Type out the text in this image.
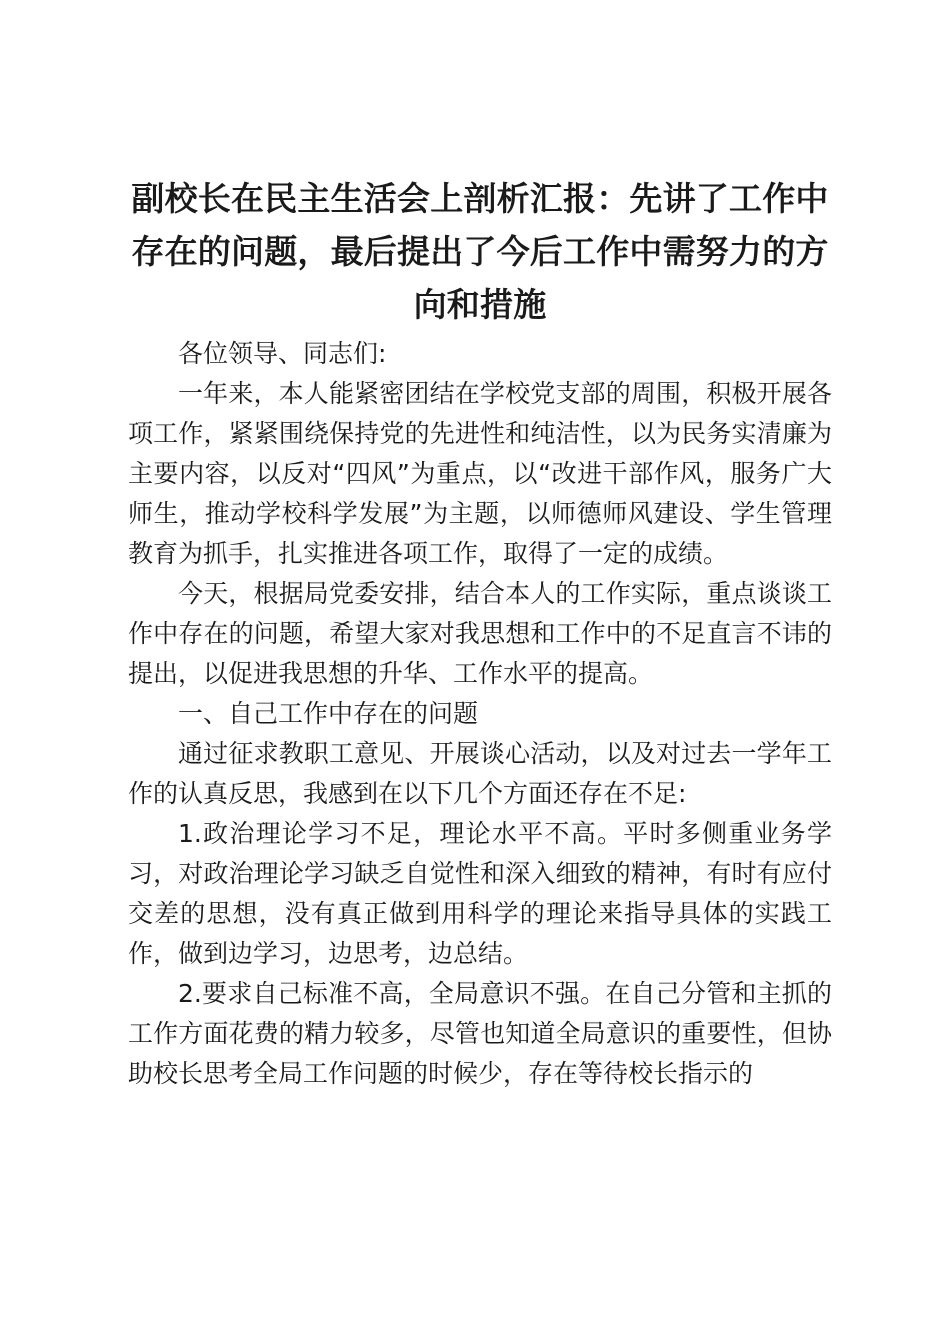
副校长在民主生活会上剖析汇报：先讲了工作中存在的问题，最后提出了今后工作中需努力的方向和措施

各位领导、同志们:

一年来，本人能紧密团结在学校党支部的周围，积极开展各项工作，紧紧围绕保持党的先进性和纯洁性，以为民务实清廉为主要内容，以反对“四风”为重点，以“改进干部作风，服务广大师生，推动学校科学发展”为主题，以师德师风建设、学生管理教育为抓手，扎实推进各项工作，取得了一定的成绩。

今天，根据局党委安排，结合本人的工作实际，重点谈谈工作中存在的问题，希望大家对我思想和工作中的不足直言不讳的提出，以促进我思想的升华、工作水平的提高。

一、自己工作中存在的问题

通过征求教职工意见、开展谈心活动，以及对过去一学年工作的认真反思，我感到在以下几个方面还存在不足:

1.政治理论学习不足，理论水平不高。平时多侧重业务学习，对政治理论学习缺乏自觉性和深入细致的精神，有时有应付交差的思想，没有真正做到用科学的理论来指导具体的实践工作，做到边学习，边思考，边总结。

2.要求自己标准不高，全局意识不强。在自己分管和主抓的工作方面花费的精力较多，尽管也知道全局意识的重要性，但协助校长思考全局工作问题的时候少，存在等待校长指示的
